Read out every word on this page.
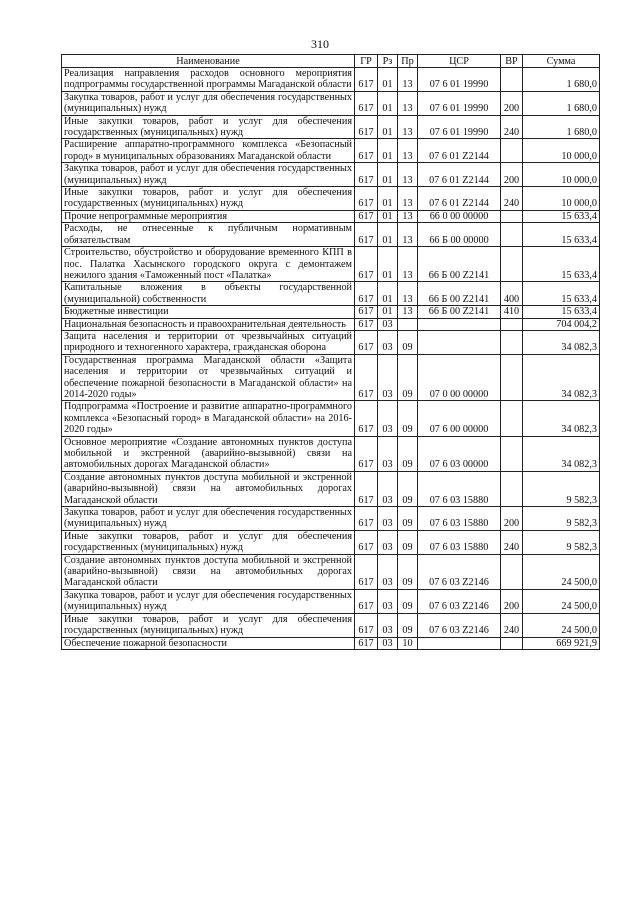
310
Наименование	ГР	Рз	Пр	ЦСР	ВР	Сумма
Реализация направления расходов основного мероприятия подпрограммы государственной программы Магаданской области	617	01	13	07 6 01 19990		1 680,0
Закупка товаров, работ и услуг для обеспечения государственных (муниципальных) нужд	617	01	13	07 6 01 19990	200	1 680,0
Иные закупки товаров, работ и услуг для обеспечения государственных (муниципальных) нужд	617	01	13	07 6 01 19990	240	1 680,0
Расширение аппаратно-программного комплекса «Безопасный город» в муниципальных образованиях Магаданской области	617	01	13	07 6 01 Z2144		10 000,0
Закупка товаров, работ и услуг для обеспечения государственных (муниципальных) нужд	617	01	13	07 6 01 Z2144	200	10 000,0
Иные закупки товаров, работ и услуг для обеспечения государственных (муниципальных) нужд	617	01	13	07 6 01 Z2144	240	10 000,0
Прочие непрограммные мероприятия	617	01	13	66 0 00 00000		15 633,4
Расходы, не отнесенные к публичным нормативным обязательствам	617	01	13	66 Б 00 00000		15 633,4
Строительство, обустройство и оборудование временного КПП в пос. Палатка Хасынского городского округа с демонтажем нежилого здания «Таможенный пост «Палатка»	617	01	13	66 Б 00 Z2141		15 633,4
Капитальные вложения в объекты государственной (муниципальной) собственности	617	01	13	66 Б 00 Z2141	400	15 633,4
Бюджетные инвестиции	617	01	13	66 Б 00 Z2141	410	15 633,4
Национальная безопасность и правоохранительная деятельность	617	03				704 004,2
Защита населения и территории от чрезвычайных ситуаций природного и техногенного характера, гражданская оборона	617	03	09			34 082,3
Государственная программа Магаданской области «Защита населения и территории от чрезвычайных ситуаций и обеспечение пожарной безопасности в Магаданской области» на 2014-2020 годы»	617	03	09	07 0 00 00000		34 082,3
Подпрограмма «Построение и развитие аппаратно-программного комплекса «Безопасный город» в Магаданской области» на 2016-2020 годы»	617	03	09	07 6 00 00000		34 082,3
Основное мероприятие «Создание автономных пунктов доступа мобильной и экстренной (аварийно-вызывной) связи на автомобильных дорогах Магаданской области»	617	03	09	07 6 03 00000		34 082,3
Создание автономных пунктов доступа мобильной и экстренной (аварийно-вызывной) связи на автомобильных дорогах Магаданской области	617	03	09	07 6 03 15880		9 582,3
Закупка товаров, работ и услуг для обеспечения государственных (муниципальных) нужд	617	03	09	07 6 03 15880	200	9 582,3
Иные закупки товаров, работ и услуг для обеспечения государственных (муниципальных) нужд	617	03	09	07 6 03 15880	240	9 582,3
Создание автономных пунктов доступа мобильной и экстренной (аварийно-вызывной) связи на автомобильных дорогах Магаданской области	617	03	09	07 6 03 Z2146		24 500,0
Закупка товаров, работ и услуг для обеспечения государственных (муниципальных) нужд	617	03	09	07 6 03 Z2146	200	24 500,0
Иные закупки товаров, работ и услуг для обеспечения государственных (муниципальных) нужд	617	03	09	07 6 03 Z2146	240	24 500,0
Обеспечение пожарной безопасности	617	03	10			669 921,9
